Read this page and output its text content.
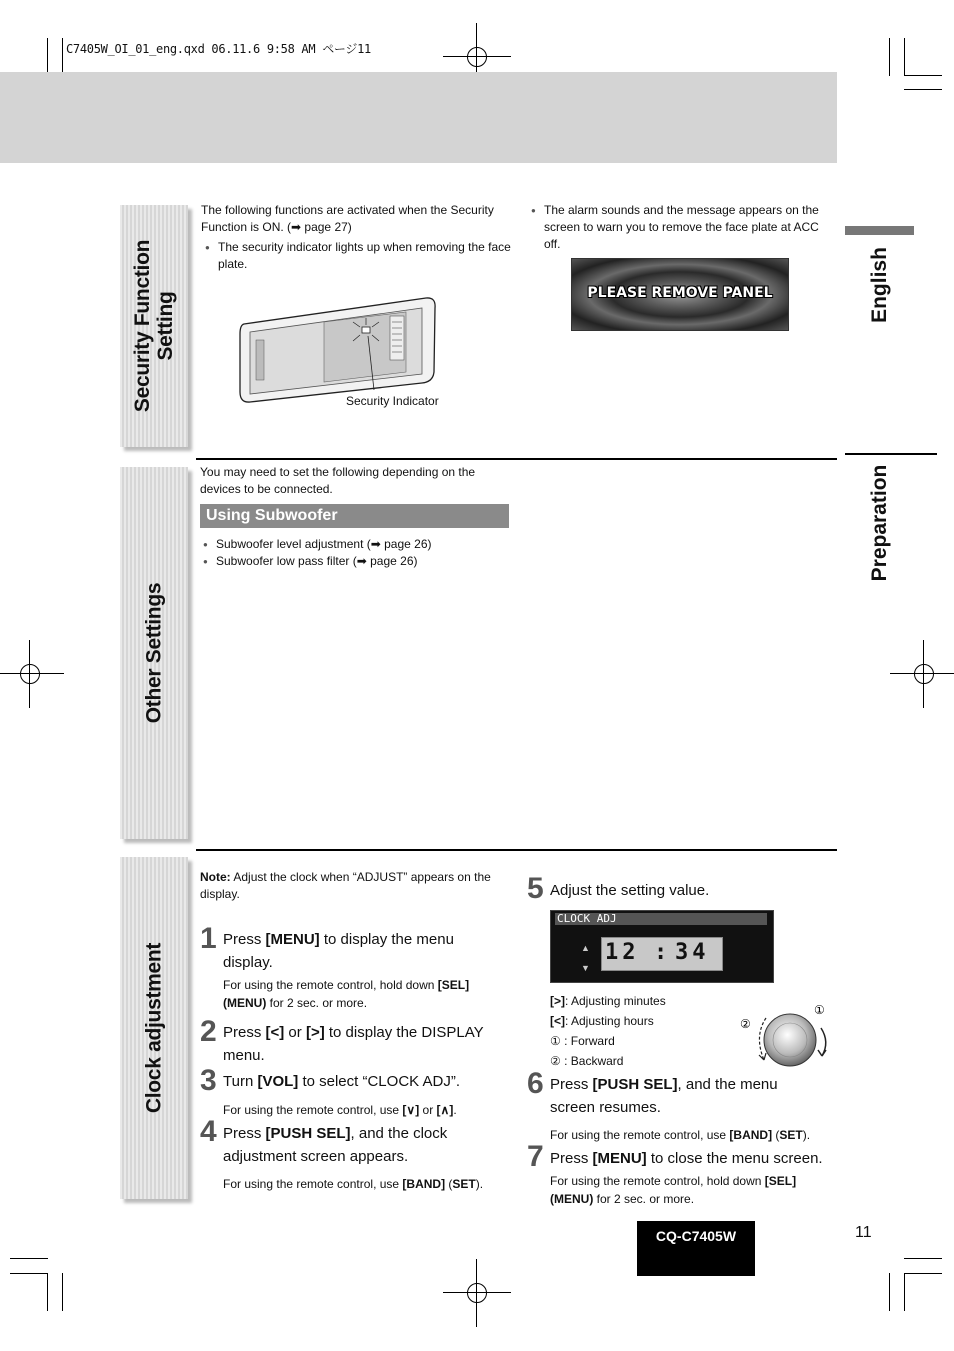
C7405W_OI_01_eng.qxd 06.11.6 9:58 AM ページ11
English
Preparation
Security Function Setting
The following functions are activated when the Security Function is ON. (➡ page 27)
● The security indicator lights up when removing the face plate.
Security Indicator
● The alarm sounds and the message appears on the screen to warn you to remove the face plate at ACC off.
PLEASE REMOVE PANEL
Other Settings
You may need to set the following depending on the devices to be connected.
Using Subwoofer
● Subwoofer level adjustment (➡ page 26)
● Subwoofer low pass filter (➡ page 26)
Clock adjustment
Note: Adjust the clock when “ADJUST” appears on the display.
1 Press [MENU] to display the menu display.
For using the remote control, hold down [SEL] (MENU) for 2 sec. or more.
2 Press [<] or [>] to display the DISPLAY menu.
3 Turn [VOL] to select “CLOCK ADJ”.
For using the remote control, use [∨] or [∧].
4 Press [PUSH SEL], and the clock adjustment screen appears.
For using the remote control, use [BAND] (SET).
5 Adjust the setting value.
CLOCK ADJ
▲

▼
12 : 34
[>]: Adjusting minutes
[<]: Adjusting hours
① : Forward
② : Backward
①
②
6 Press [PUSH SEL], and the menu screen resumes.
For using the remote control, use [BAND] (SET).
7 Press [MENU] to close the menu screen.
For using the remote control, hold down [SEL] (MENU) for 2 sec. or more.
CQ-C7405W	11
